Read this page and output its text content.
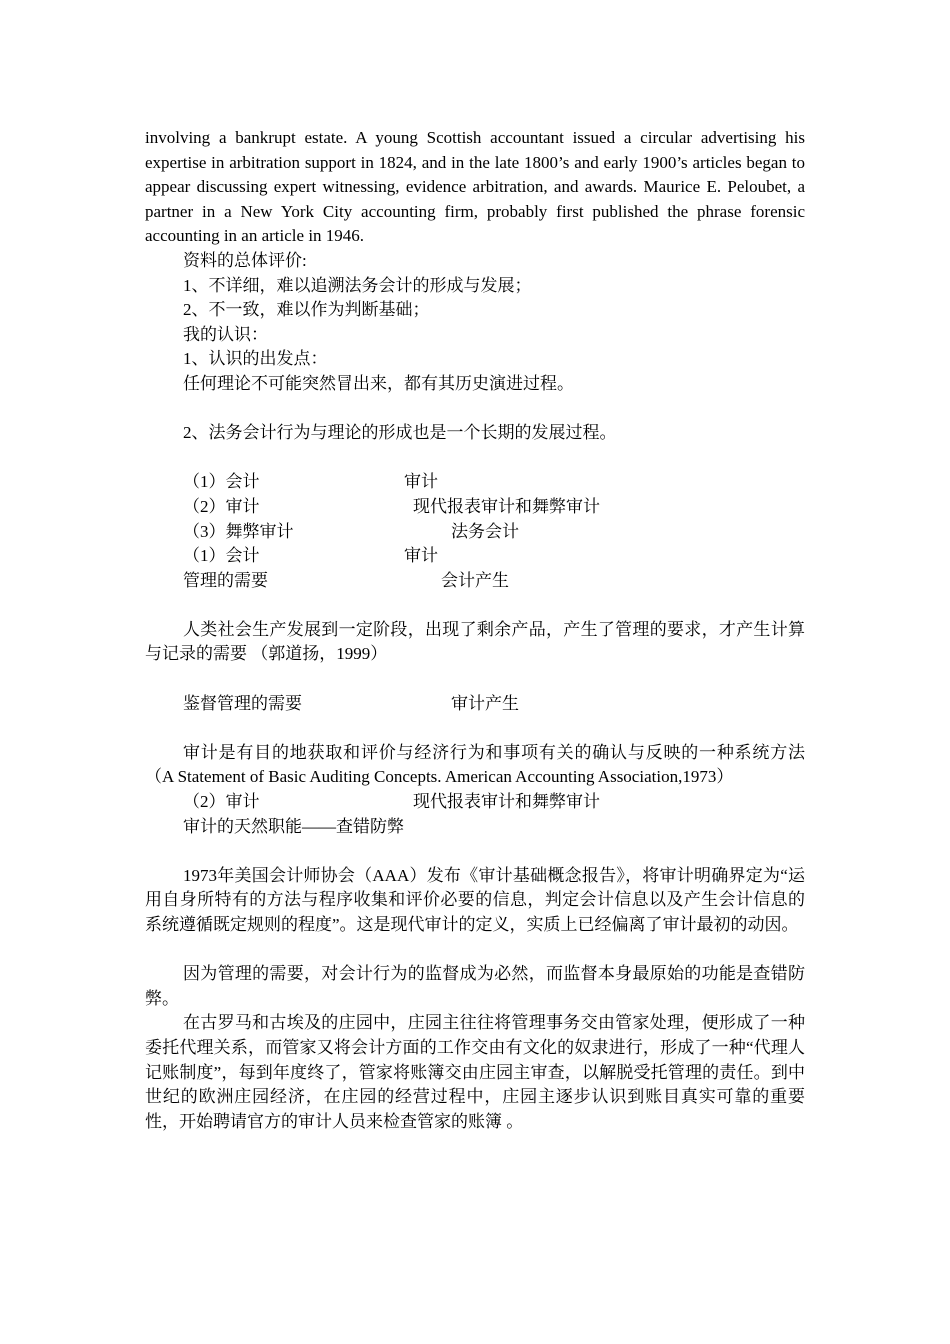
involving a bankrupt estate. A young Scottish accountant issued a circular advertising his expertise in arbitration support in 1824, and in the late 1800’s and early 1900’s articles began to appear discussing expert witnessing, evidence arbitration, and awards. Maurice E. Peloubet, a partner in a New York City accounting firm, probably first published the phrase forensic accounting in an article in 1946.

资料的总体评价:
1、不详细，难以追溯法务会计的形成与发展；
2、不一致，难以作为判断基础；
我的认识：
1、认识的出发点：
任何理论不可能突然冒出来，都有其历史演进过程。
2、法务会计行为与理论的形成也是一个长期的发展过程。
（1）会计	审计
（2）审计	现代报表审计和舞弊审计
（3）舞弊审计	法务会计
（1）会计	审计
管理的需要	会计产生

人类社会生产发展到一定阶段，出现了剩余产品，产生了管理的要求，才产生计算与记录的需要 （郭道扬，1999）

鉴督管理的需要	审计产生

审计是有目的地获取和评价与经济行为和事项有关的确认与反映的一种系统方法（A Statement of Basic Auditing Concepts. American Accounting Association,1973）

（2）审计	现代报表审计和舞弊审计
审计的天然职能——查错防弊

1973年美国会计师协会（AAA）发布《审计基础概念报告》，将审计明确界定为“运用自身所特有的方法与程序收集和评价必要的信息，判定会计信息以及产生会计信息的系统遵循既定规则的程度”。这是现代审计的定义，实质上已经偏离了审计最初的动因。

因为管理的需要，对会计行为的监督成为必然，而监督本身最原始的功能是查错防弊。

在古罗马和古埃及的庄园中，庄园主往往将管理事务交由管家处理，便形成了一种委托代理关系，而管家又将会计方面的工作交由有文化的奴隶进行，形成了一种“代理人记账制度”，每到年度终了，管家将账簿交由庄园主审查，以解脱受托管理的责任。到中世纪的欧洲庄园经济，在庄园的经营过程中，庄园主逐步认识到账目真实可靠的重要性，开始聘请官方的审计人员来检查管家的账簿 。
